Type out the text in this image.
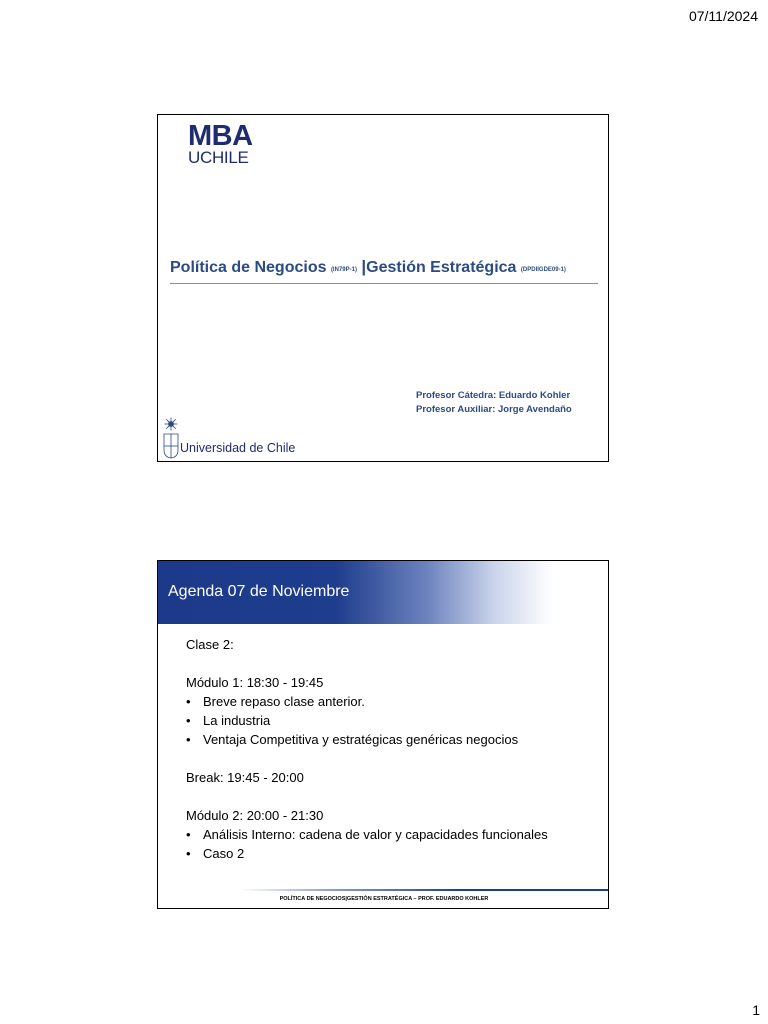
07/11/2024
MBA
UCHILE
Política de Negocios (IN79P-1) |Gestión Estratégica (DPDIIGDE09-1)
Profesor Cátedra: Eduardo Kohler
Profesor Auxiliar: Jorge Avendaño
Universidad de Chile
Agenda 07 de Noviembre
Clase 2:
Módulo 1: 18:30 - 19:45
• Breve repaso clase anterior.
• La industria
• Ventaja Competitiva y estratégicas genéricas negocios
Break: 19:45 - 20:00
Módulo 2: 20:00 - 21:30
• Análisis Interno: cadena de valor y capacidades funcionales
• Caso 2
POLÍTICA DE NEGOCIOS|GESTIÓN ESTRATÉGICA – PROF. EDUARDO KOHLER
1
